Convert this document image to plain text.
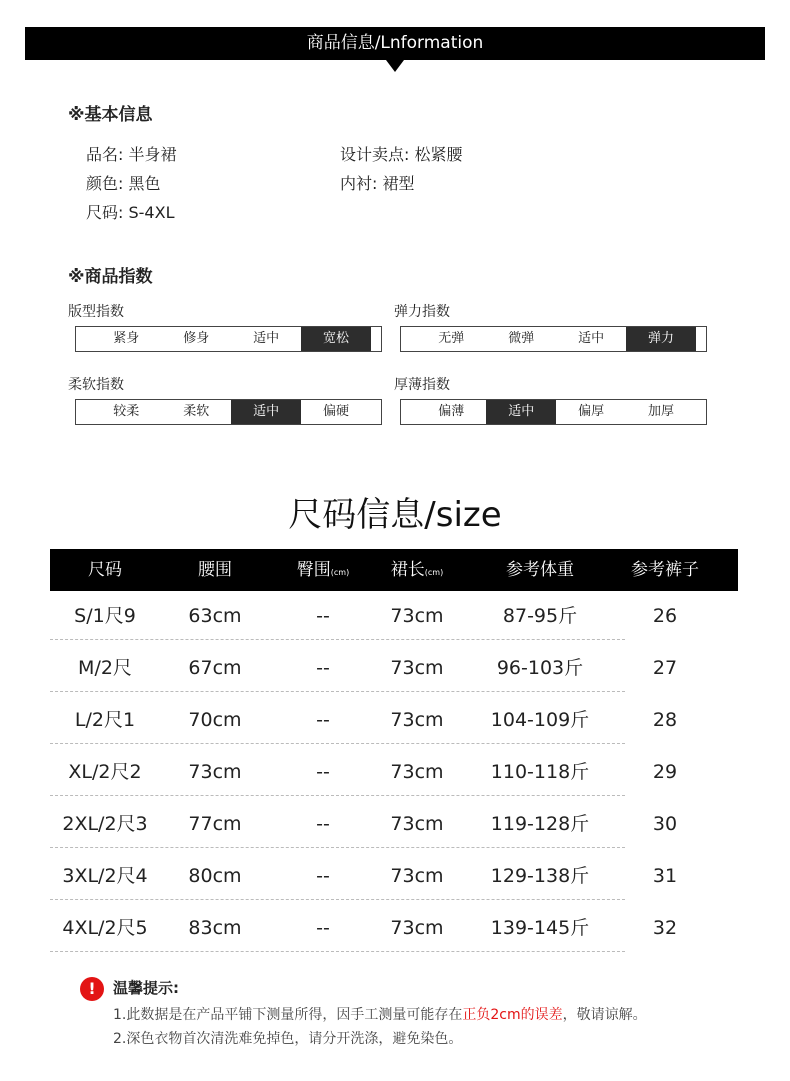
商品信息/Lnformation
※基本信息
品名: 半身裙
颜色: 黑色
尺码: S-4XL
设计卖点: 松紧腰
内衬: 裙型
※商品指数
版型指数
紧身	修身	适中	宽松
弹力指数
无弹	微弹	适中	弹力
柔软指数
较柔	柔软	适中	偏硬
厚薄指数
偏薄	适中	偏厚	加厚
尺码信息/size
尺码	腰围	臀围(cm)	裙长(cm)	参考体重	参考裤子
S/1尺9	63cm	--	73cm	87-95斤	26
M/2尺	67cm	--	73cm	96-103斤	27
L/2尺1	70cm	--	73cm	104-109斤	28
XL/2尺2	73cm	--	73cm	110-118斤	29
2XL/2尺3	77cm	--	73cm	119-128斤	30
3XL/2尺4	80cm	--	73cm	129-138斤	31
4XL/2尺5	83cm	--	73cm	139-145斤	32
!	温馨提示:
1.此数据是在产品平铺下测量所得，因手工测量可能存在正负2cm的误差，敬请谅解。
2.深色衣物首次清洗难免掉色，请分开洗涤，避免染色。
